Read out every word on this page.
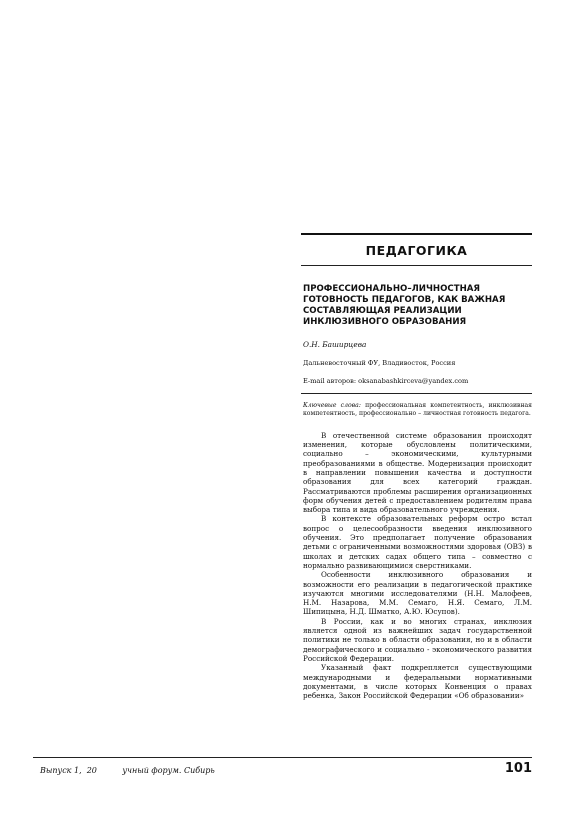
ПЕДАГОГИКА
ПРОФЕССИОНАЛЬНО–ЛИЧНОСТНАЯ
ГОТОВНОСТЬ ПЕДАГОГОВ, КАК ВАЖНАЯ
СОСТАВЛЯЮЩАЯ РЕАЛИЗАЦИИ
ИНКЛЮЗИВНОГО ОБРАЗОВАНИЯ
О.Н. Баширцева
Дальневосточный ФУ, Владивосток, Россия
E-mail авторов: oksanabashkirceva@yandex.com
Ключевые слова: профессиональная компетентность, инклюзивная компетентность, профессионально – личностная готовность педагога.

В отечественной системе образования происходят изменения, которые обусловлены политическими, социально – экономическими, культурными преобразованиями в обществе. Модернизация происходит в направлении повышения качества и доступности образования для всех категорий граждан. Рассматриваются проблемы расширения организационных форм обучения детей с предоставлением родителям права выбора типа и вида образовательного учреждения.

В контексте образовательных реформ остро встал вопрос о целесообразности введения инклюзивного обучения. Это предполагает получение образования детьми с ограниченными возможностями здоровья (ОВЗ) в школах и детских садах общего типа – совместно с нормально развивающимися сверстниками.

Особенности инклюзивного образования и возможности его реализации в педагогической практике изучаются многими исследователями (Н.Н. Малофеев, Н.М. Назарова, М.М. Семаго, Н.Я. Семаго, Л.М. Шипицына, Н.Д. Шматко, А.Ю. Юсупов).

В России, как и во многих странах, инклюзия является одной из важнейших задач государственной политики не только в области образования, но и в области демографического и социально - экономического развития Российской Федерации.

Указанный факт подкрепляется существующими международными и федеральными нормативными документами, в числе которых Конвенция о правах ребенка, Закон Российской Федерации «Об образовании»

Выпуск 1,  20	учный форум. Сибирь	101
